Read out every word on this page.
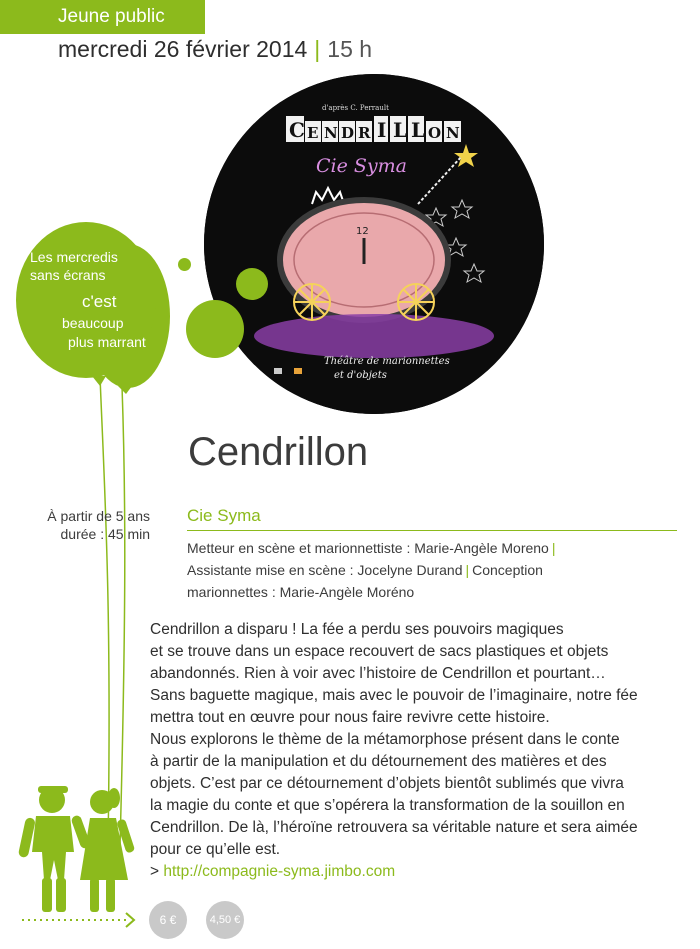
Jeune public
mercredi 26 février 2014 | 15 h
d'après C. Perrault
C E N D R I L L O N
Cie Syma
12
Théâtre de marionnettes
et d'objets
Les mercredis
sans écrans
c'est
beaucoup
plus marrant
Cendrillon
À partir de 5 ans
durée : 45 min
Cie Syma
Metteur en scène et marionnettiste : Marie-Angèle Moreno |
Assistante mise en scène : Jocelyne Durand | Conception
marionnettes : Marie-Angèle Moréno

Cendrillon a disparu ! La fée a perdu ses pouvoirs magiques

et se trouve dans un espace recouvert de sacs plastiques et objets

abandonnés. Rien à voir avec l’histoire de Cendrillon et pourtant…

Sans baguette magique, mais avec le pouvoir de l’imaginaire, notre fée

mettra tout en œuvre pour nous faire revivre cette histoire.

Nous explorons le thème de la métamorphose présent dans le conte

à partir de la manipulation et du détournement des matières et des

objets. C’est par ce détournement d’objets bientôt sublimés que vivra

la magie du conte et que s’opérera la transformation de la souillon en

Cendrillon. De là, l’héroïne retrouvera sa véritable nature et sera aimée

pour ce qu’elle est.

> http://compagnie-syma.jimbo.com

6 €	4,50 €
